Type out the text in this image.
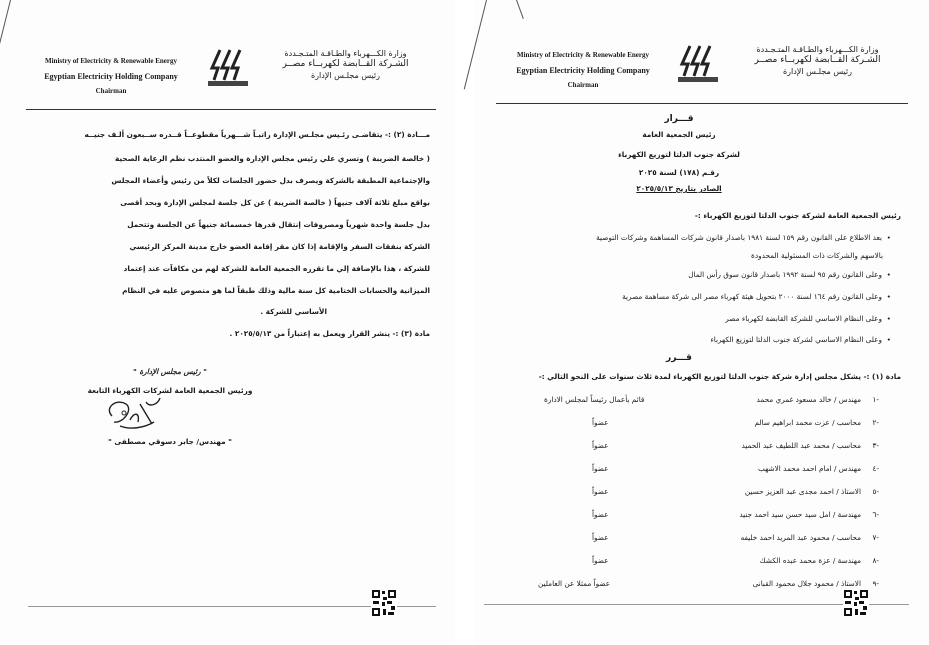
Ministry of Electricity & Renewable Energy
Egyptian Electricity Holding Company
Chairman
وزارة الكـــهرباء والطـاقـة المتـجـددة
الشـركة القــابضة لكهربــاء مصــر
رئيس مجلـس الإدارة
مـــادة (٢) :- يتقاضـى رئـيس مجلـس الإدارة راتبـاً شـــهرياً مقطوعــاً قــدره ســبعون ألـف جنيــه
( خالصة الضريبة ) وتسري علي رئيس مجلس الإدارة والعضو المنتدب نظم الرعاية الصحية
والإجتماعية المطبقة بالشركة ويصرف بدل حضور الجلسات لكلاً من رئيس وأعضاء المجلس
بواقع مبلغ ثلاثة آلاف جنيهاً ( خالصة الضريبة ) عن كل جلسة لمجلس الإدارة وبحد أقصى
بدل جلسة واحدة شهرياً ومصروفات إنتقال قدرها خمسمائة جنيهاً عن الجلسة وتتحمل
الشركة بنفقات السفر والإقامة إذا كان مقر إقامة العضو خارج مدينة المركز الرئيسي
للشركة ، هذا بالإضافة إلي ما تقرره الجمعية العامة للشركة لهم من مكافآت عند إعتماد
الميزانية والحسابات الختامية كل سنة مالية وذلك طبقاً لما هو منصوص عليه في النظام
الأساسي للشركة .
مادة (٣) :- ينشر القرار ويعمل به إعتباراً من ٢٠٢٥/٥/١٣ .
" رئيس مجلس الإدارة "
ورئيس الجمعية العامة لشركات الكهرباء التابعة
" مهندس/ جابر دسوقي مصطفى "
Ministry of Electricity & Renewable Energy
Egyptian Electricity Holding Company
Chairman
وزارة الكـــهرباء والطـاقـة المتـجـددة
الشـركة القــابضة لكهربــاء مصــر
رئيس مجلـس الإدارة
قـــرار
رئيس الجمعية العامة
لشركة جنوب الدلتا لتوزيع الكهرباء
رقـم (١٧٨) لسنة ٢٠٢٥
الصادر بتاريخ ٢٠٢٥/٥/١٣
رئيس الجمعية العامة لشركة جنوب الدلتا لتوزيع الكهرباء :-
•  بعد الاطلاع على القانون رقم ١٥٩ لسنة ١٩٨١ باصدار قانون شركات المساهمة وشركات التوصية
بالاسهم والشركات ذات المسئولية المحدودة
•  وعلى القانون رقم ٩٥ لسنة ١٩٩٢ باصدار قانون سوق رأس المال
•  وعلى القانون رقم ١٦٤ لسنة ٢٠٠٠ بتحويل هيئة كهرباء مصر الى شركة مساهمة مصرية
•  وعلى النظام الاساسي للشركة القابضة لكهرباء مصر
•  وعلى النظام الاساسي لشركة جنوب الدلتا لتوزيع الكهرباء
قـــرر
مادة (١) :- يشكل مجلس إدارة شركة جنوب الدلتا لتوزيع الكهرباء لمدة ثلاث سنوات على النحو التالي :-
-١
مهندس / خالد مسعود غمري محمد
قائم بأعمال رئيساً لمجلس الادارة
-٢
محاسب / عزت محمد ابراهيم سالم
عضواً
-٣
محاسب / محمد عبد اللطيف عبد الحميد
عضواً
-٤
مهندس / امام احمد محمد الاشهب
عضواً
-٥
الاستاذ / احمد مجدى عبد العزيز حسين
عضواً
-٦
مهندسة / امل سيد حسن سيد احمد جنيد
عضواً
-٧
محاسب / محمود عبد المريد احمد خليفه
عضواً
-٨
مهندسة / عزة محمد عبده الكشك
عضواً
-٩
الاستاذ / محمود جلال محمود القبانى
عضواً ممثلا عن العاملين
